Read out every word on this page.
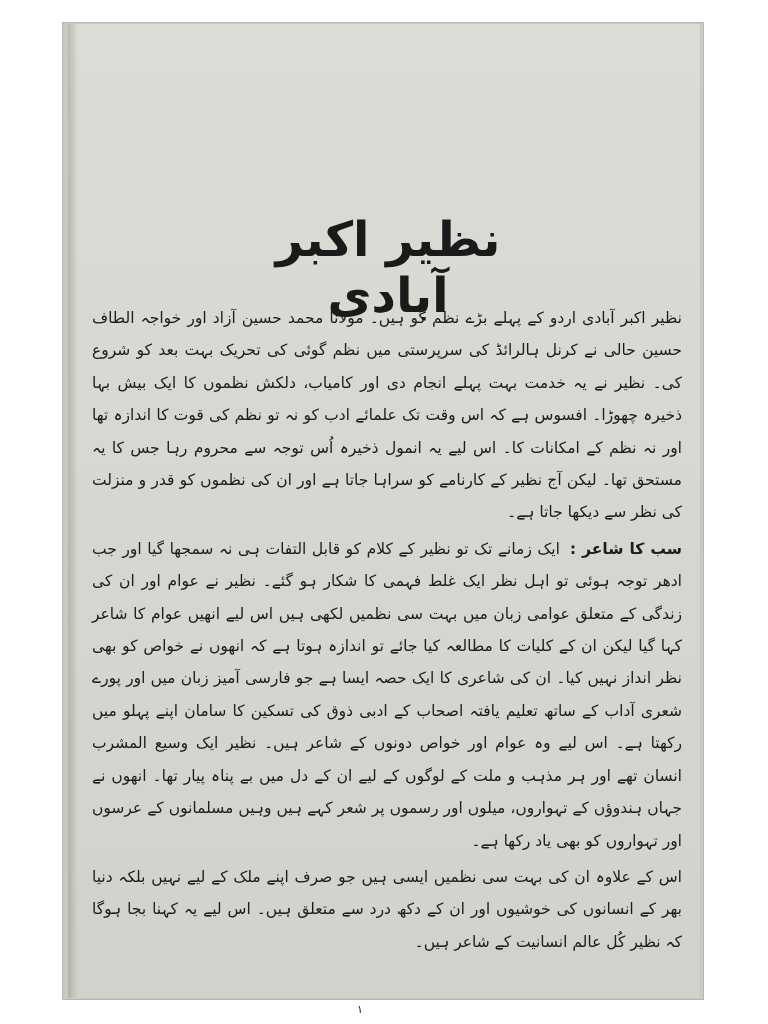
نظیر اکبر آبادی

نظیر اکبر آبادی اردو کے پہلے بڑے نظم گو ہیں۔ مولانا محمد حسین آزاد اور خواجہ الطاف حسین حالی نے کرنل ہالرائڈ کی سرپرستی میں نظم گوئی کی تحریک بہت بعد کو شروع کی۔ نظیر نے یہ خدمت بہت پہلے انجام دی اور کامیاب، دلکش نظموں کا ایک بیش بہا ذخیرہ چھوڑا۔ افسوس ہے کہ اس وقت تک علمائے ادب کو نہ تو نظم کی قوت کا اندازہ تھا اور نہ نظم کے امکانات کا۔ اس لیے یہ انمول ذخیرہ اُس توجہ سے محروم رہا جس کا یہ مستحق تھا۔ لیکن آج نظیر کے کارنامے کو سراہا جاتا ہے اور ان کی نظموں کو قدر و منزلت کی نظر سے دیکھا جاتا ہے۔

سب کا شاعر :ایک زمانے تک تو نظیر کے کلام کو قابل التفات ہی نہ سمجھا گیا اور جب ادھر توجہ ہوئی تو اہل نظر ایک غلط فہمی کا شکار ہو گئے۔ نظیر نے عوام اور ان کی زندگی کے متعلق عوامی زبان میں بہت سی نظمیں لکھی ہیں اس لیے انھیں عوام کا شاعر کہا گیا لیکن ان کے کلیات کا مطالعہ کیا جائے تو اندازہ ہوتا ہے کہ انھوں نے خواص کو بھی نظر انداز نہیں کیا۔ ان کی شاعری کا ایک حصہ ایسا ہے جو فارسی آمیز زبان میں اور پورے شعری آداب کے ساتھ تعلیم یافتہ اصحاب کے ادبی ذوق کی تسکین کا سامان اپنے پہلو میں رکھتا ہے۔ اس لیے وہ عوام اور خواص دونوں کے شاعر ہیں۔ نظیر ایک وسیع المشرب انسان تھے اور ہر مذہب و ملت کے لوگوں کے لیے ان کے دل میں بے پناہ پیار تھا۔ انھوں نے جہاں ہندوؤں کے تہواروں، میلوں اور رسموں پر شعر کہے ہیں وہیں مسلمانوں کے عرسوں اور تہواروں کو بھی یاد رکھا ہے۔

اس کے علاوہ ان کی بہت سی نظمیں ایسی ہیں جو صرف اپنے ملک کے لیے نہیں بلکہ دنیا بھر کے انسانوں کی خوشیوں اور ان کے دکھ درد سے متعلق ہیں۔ اس لیے یہ کہنا بجا ہوگا کہ نظیر کُل عالم انسانیت کے شاعر ہیں۔

۱
